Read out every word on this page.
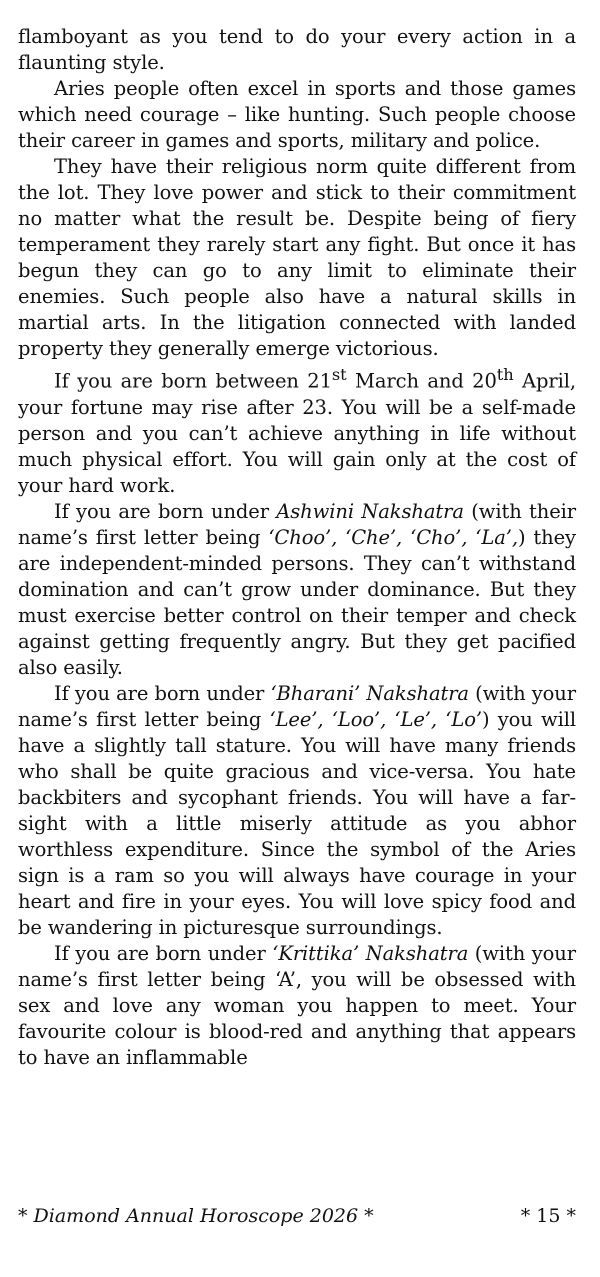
flamboyant as you tend to do your every action in a flaunting style.

Aries people often excel in sports and those games which need courage – like hunting. Such people choose their career in games and sports, military and police.

They have their religious norm quite different from the lot. They love power and stick to their commitment no matter what the result be. Despite being of fiery temperament they rarely start any fight. But once it has begun they can go to any limit to eliminate their enemies. Such people also have a natural skills in martial arts. In the litigation connected with landed property they generally emerge victorious.

If you are born between 21st March and 20th April, your fortune may rise after 23. You will be a self-made person and you can’t achieve anything in life without much physical effort. You will gain only at the cost of your hard work.

If you are born under Ashwini Nakshatra (with their name’s first letter being ‘Choo’, ‘Che’, ‘Cho’, ‘La’,) they are independent-minded persons. They can’t withstand domination and can’t grow under dominance. But they must exercise better control on their temper and check against getting frequently angry. But they get pacified also easily.

If you are born under ‘Bharani’ Nakshatra (with your name’s first letter being ‘Lee’, ‘Loo’, ‘Le’, ‘Lo’) you will have a slightly tall stature. You will have many friends who shall be quite gracious and vice-versa. You hate backbiters and sycophant friends. You will have a far-sight with a little miserly attitude as you abhor worthless expenditure. Since the symbol of the Aries sign is a ram so you will always have courage in your heart and fire in your eyes. You will love spicy food and be wandering in picturesque surroundings.

If you are born under ‘Krittika’ Nakshatra (with your name’s first letter being ‘A’, you will be obsessed with sex and love any woman you happen to meet. Your favourite colour is blood-red and anything that appears to have an inflammable

* Diamond Annual Horoscope 2026 *	* 15 *
